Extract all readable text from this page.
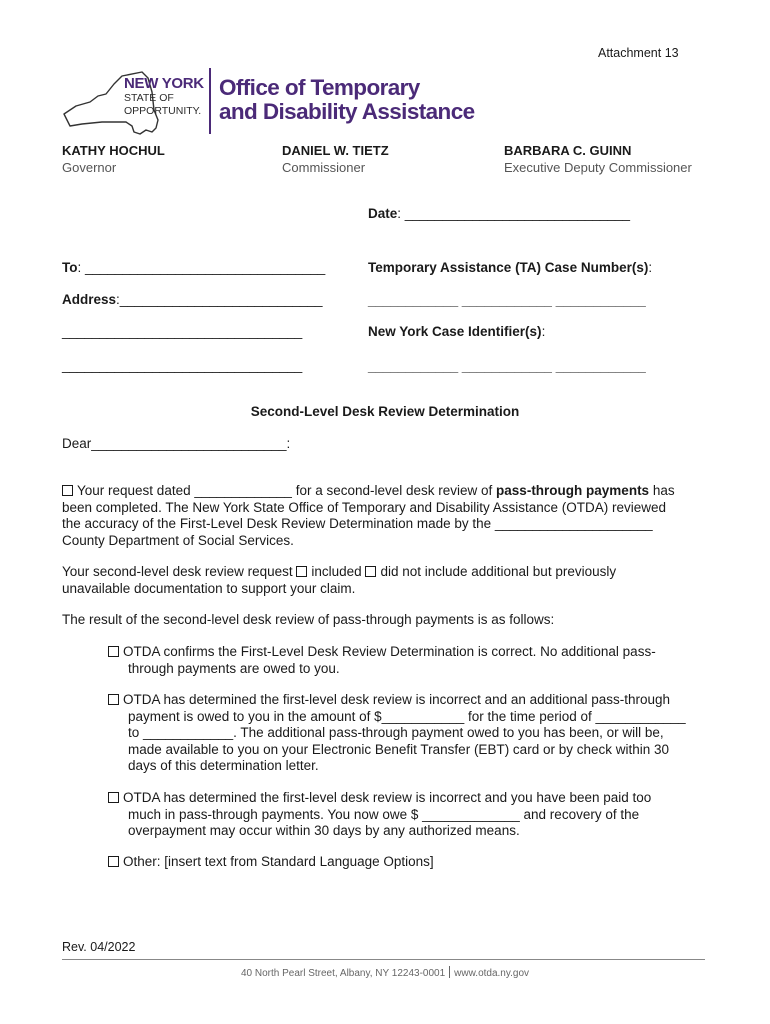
Attachment 13
NEW YORK
STATE OF
OPPORTUNITY.
Office of Temporary
and Disability Assistance
KATHY HOCHUL
Governor
DANIEL W. TIETZ
Commissioner
BARBARA C. GUINN
Executive Deputy Commissioner
Date: ______________________________
To: ________________________________
Address:___________________________
________________________________
________________________________
Temporary Assistance (TA) Case Number(s):
____________ ____________ ____________
New York Case Identifier(s):
____________ ____________ ____________
Second-Level Desk Review Determination
Dear__________________________:
Your request dated _____________ for a second-level desk review of pass-through payments has been completed. The New York State Office of Temporary and Disability Assistance (OTDA) reviewed the accuracy of the First-Level Desk Review Determination made by the _____________________ County Department of Social Services.
Your second-level desk review request included did not include additional but previously unavailable documentation to support your claim.
The result of the second-level desk review of pass-through payments is as follows:
OTDA confirms the First-Level Desk Review Determination is correct. No additional pass-
through payments are owed to you.
OTDA has determined the first-level desk review is incorrect and an additional pass-through
payment is owed to you in the amount of $___________ for the time period of ____________ to ____________. The additional pass-through payment owed to you has been, or will be, made available to you on your Electronic Benefit Transfer (EBT) card or by check within 30 days of this determination letter.
OTDA has determined the first-level desk review is incorrect and you have been paid too
much in pass-through payments. You now owe $ _____________ and recovery of the overpayment may occur within 30 days by any authorized means.
Other: [insert text from Standard Language Options]
Rev. 04/2022
40 North Pearl Street, Albany, NY 12243-0001 www.otda.ny.gov
